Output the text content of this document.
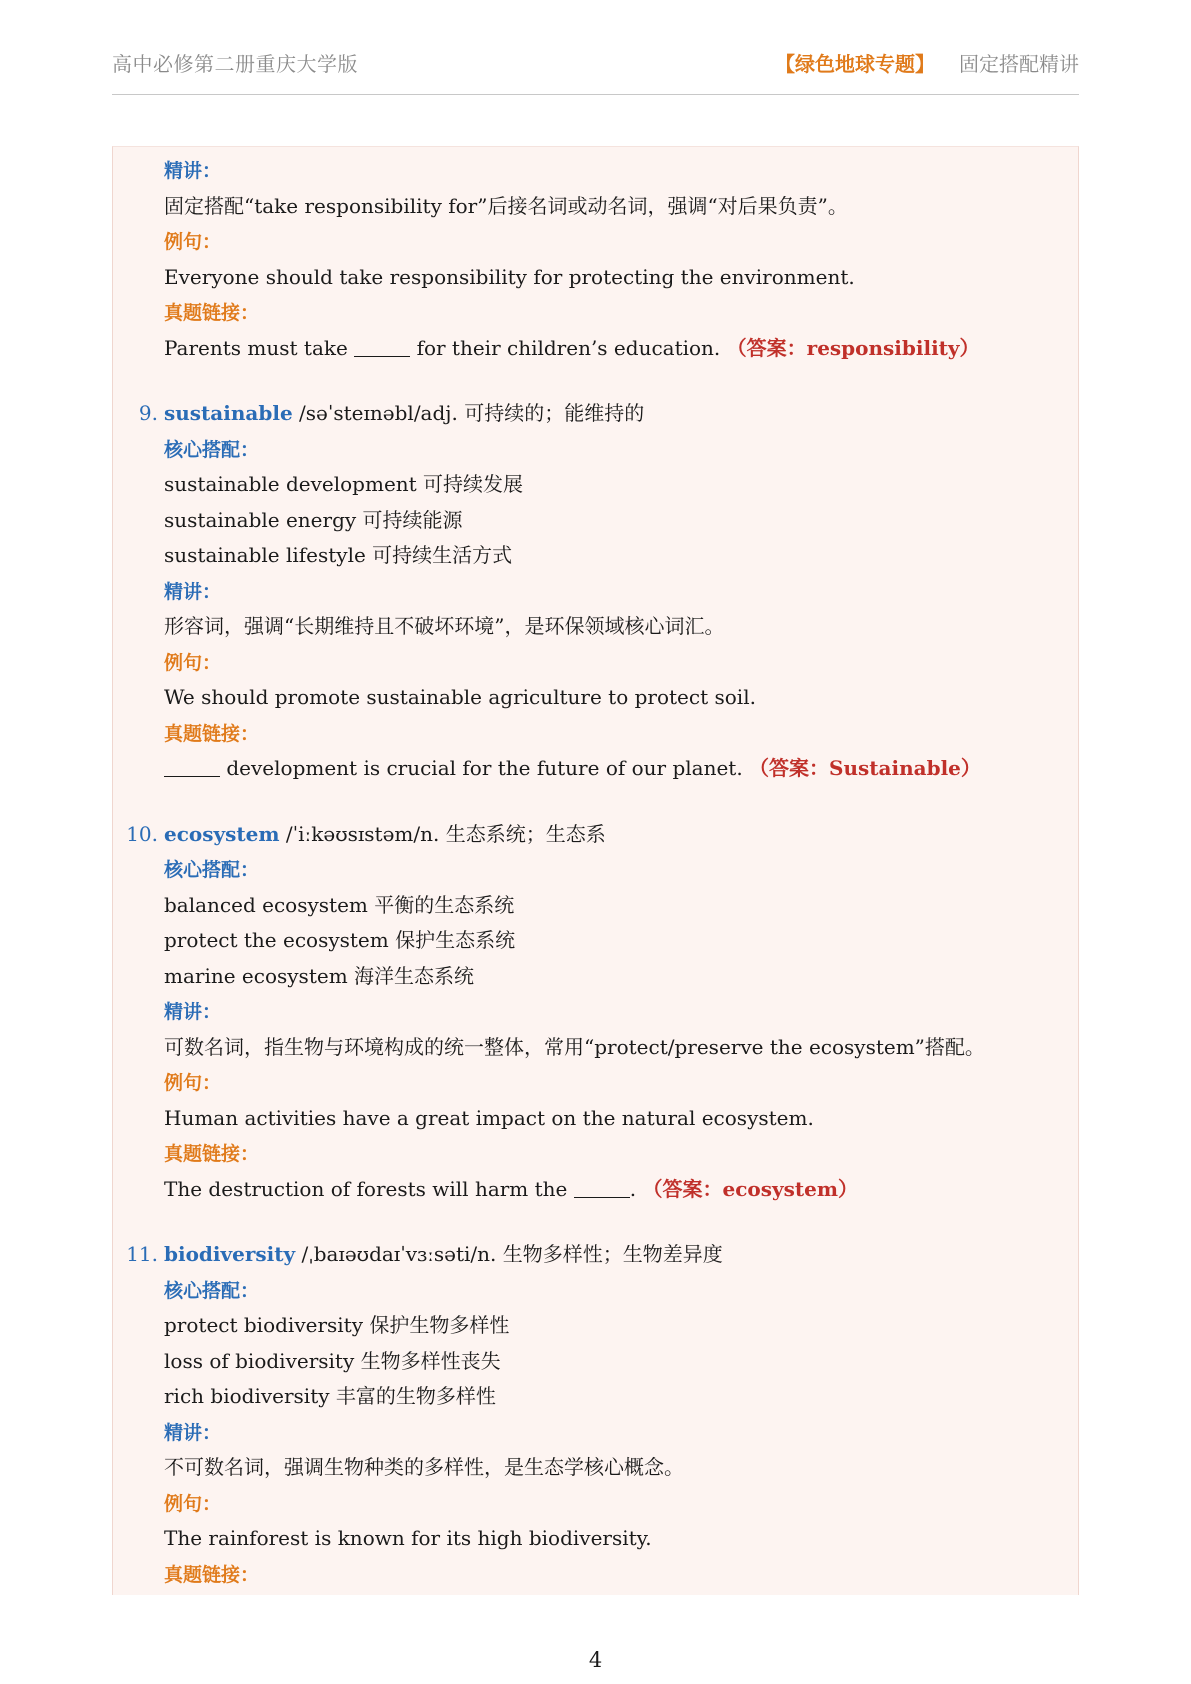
高中必修第二册重庆大学版	【绿色地球专题】 固定搭配精讲
精讲：
固定搭配“take responsibility for”后接名词或动名词，强调“对后果负责”。
例句：
Everyone should take responsibility for protecting the environment.
真题链接：
Parents must take	for their children’s education. （答案：responsibility）
9. sustainable /səˈsteɪnəbl/adj. 可持续的；能维持的
核心搭配：
sustainable development 可持续发展
sustainable energy 可持续能源
sustainable lifestyle 可持续生活方式
精讲：
形容词，强调“长期维持且不破坏环境”，是环保领域核心词汇。
例句：
We should promote sustainable agriculture to protect soil.
真题链接：
development is crucial for the future of our planet. （答案：Sustainable）
10. ecosystem /ˈiːkəʊsɪstəm/n. 生态系统；生态系
核心搭配：
balanced ecosystem 平衡的生态系统
protect the ecosystem 保护生态系统
marine ecosystem 海洋生态系统
精讲：
可数名词，指生物与环境构成的统一整体，常用“protect/preserve the ecosystem”搭配。
例句：
Human activities have a great impact on the natural ecosystem.
真题链接：
The destruction of forests will harm the	. （答案：ecosystem）
11. biodiversity /ˌbaɪəʊdaɪˈvɜːsəti/n. 生物多样性；生物差异度
核心搭配：
protect biodiversity 保护生物多样性
loss of biodiversity 生物多样性丧失
rich biodiversity 丰富的生物多样性
精讲：
不可数名词，强调生物种类的多样性，是生态学核心概念。
例句：
The rainforest is known for its high biodiversity.
真题链接：
4
